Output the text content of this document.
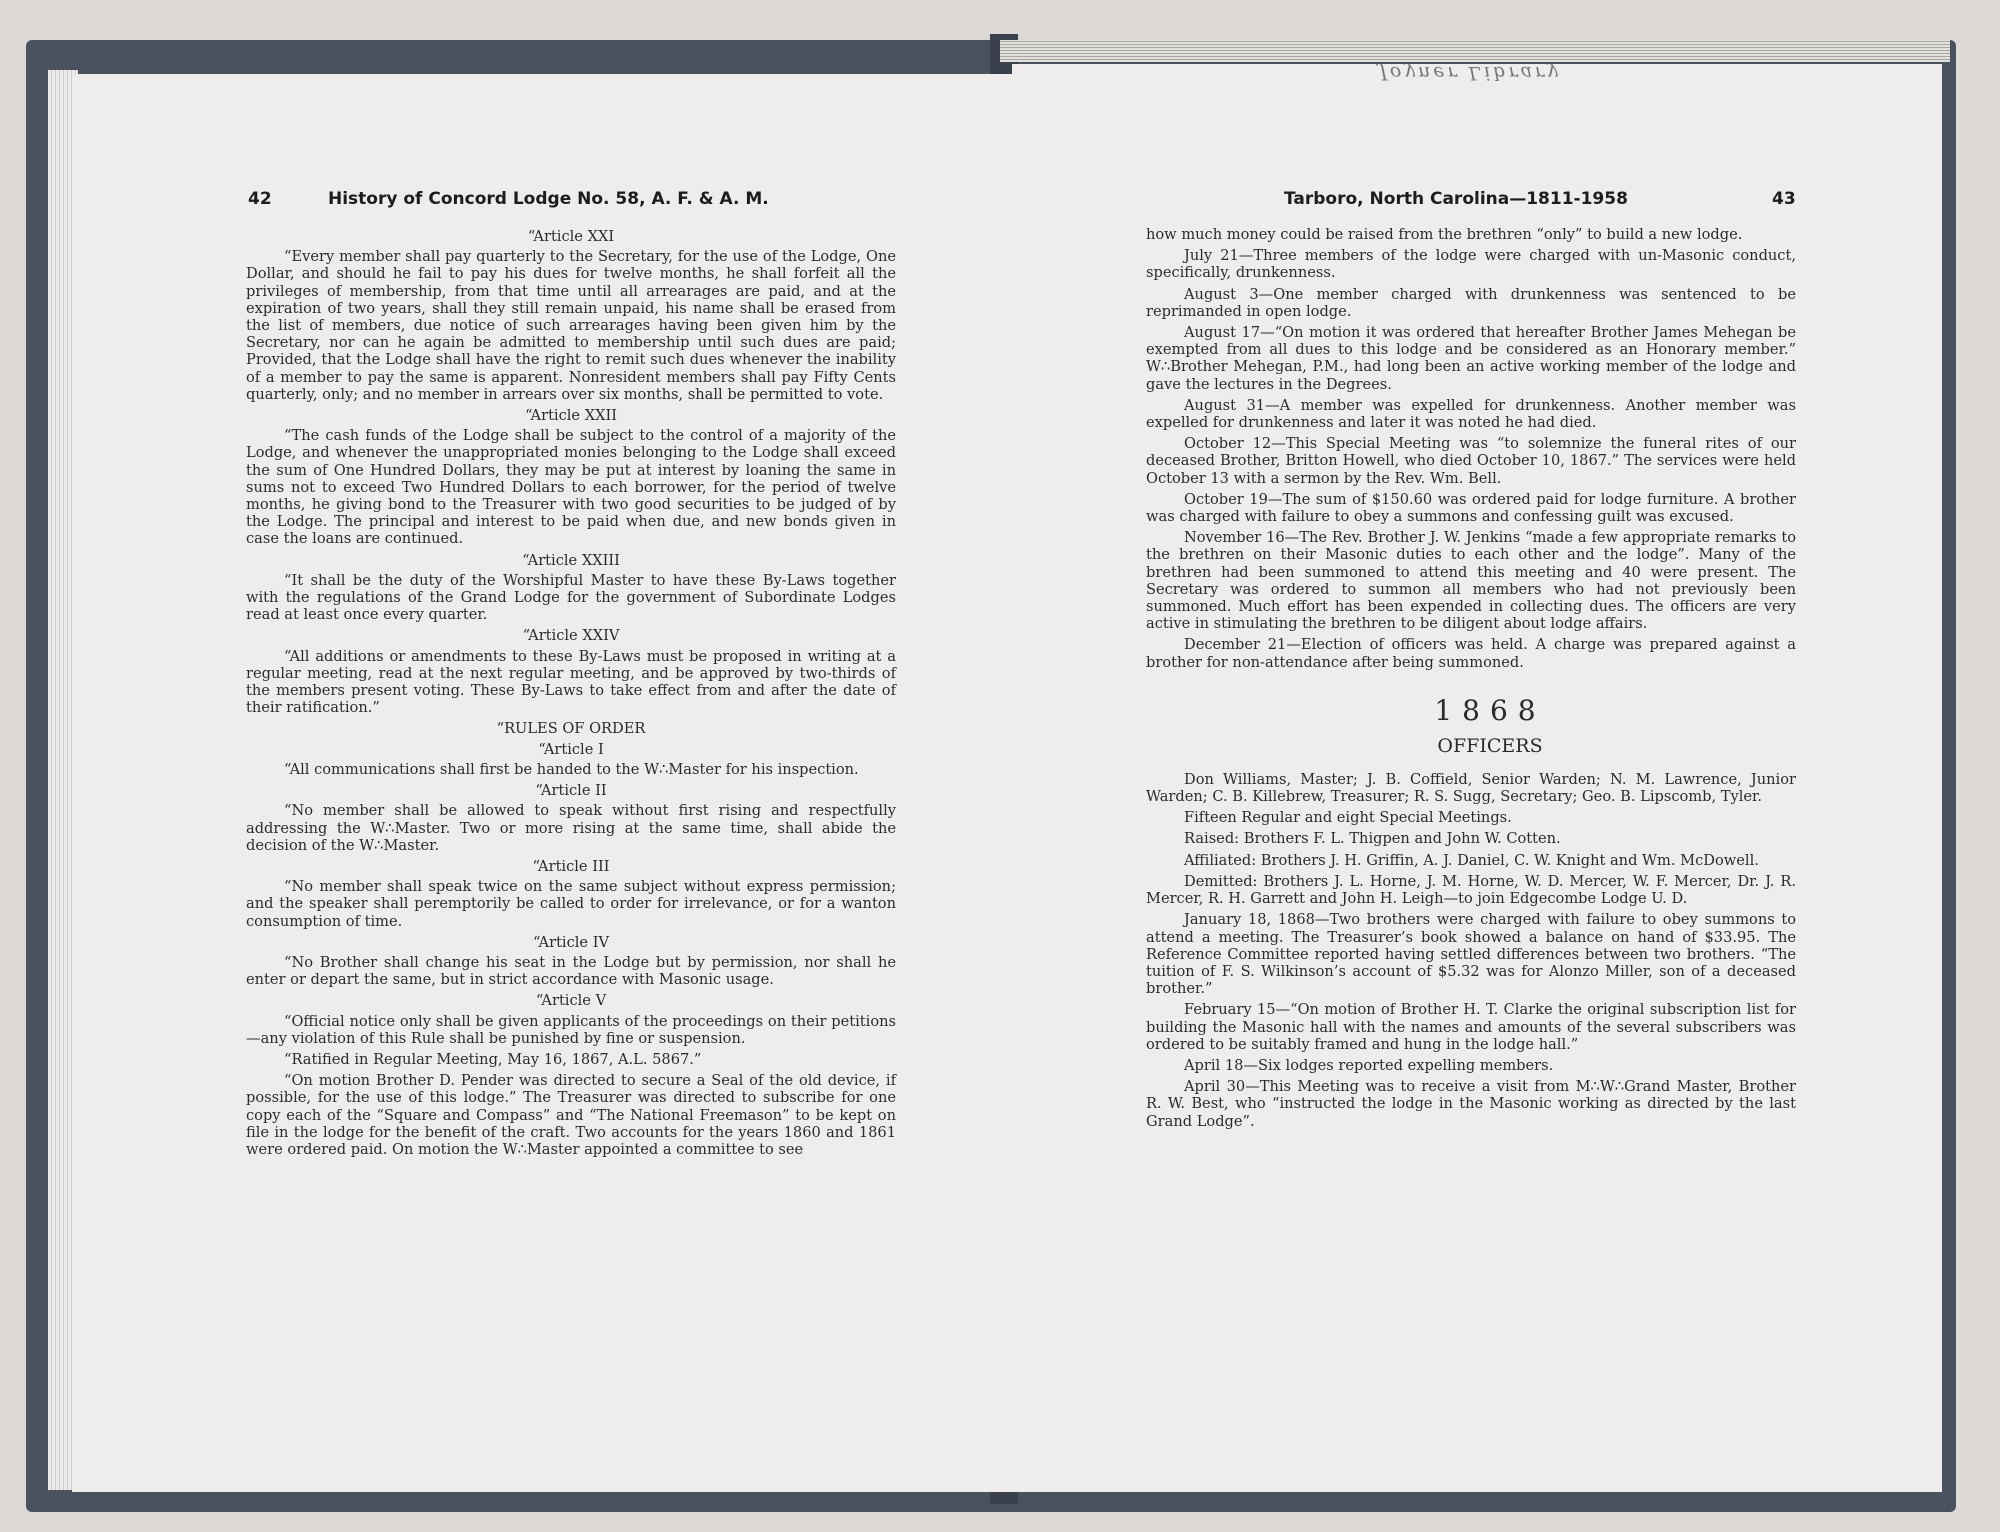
Joyner Library
42	History of Concord Lodge No. 58, A. F. & A. M.	Tarboro, North Carolina—1811-1958	43

“Article XXI

“Every member shall pay quarterly to the Secretary, for the use of the Lodge, One Dollar, and should he fail to pay his dues for twelve months, he shall forfeit all the privileges of membership, from that time until all arrearages are paid, and at the expiration of two years, shall they still remain unpaid, his name shall be erased from the list of members, due notice of such arrearages having been given him by the Secretary, nor can he again be admitted to membership until such dues are paid; Provided, that the Lodge shall have the right to remit such dues whenever the inability of a member to pay the same is apparent. Nonresident members shall pay Fifty Cents quarterly, only; and no member in arrears over six months, shall be permitted to vote.

“Article XXII

“The cash funds of the Lodge shall be subject to the control of a majority of the Lodge, and whenever the unappropriated monies belonging to the Lodge shall exceed the sum of One Hundred Dollars, they may be put at interest by loaning the same in sums not to exceed Two Hundred Dollars to each borrower, for the period of twelve months, he giving bond to the Treasurer with two good securities to be judged of by the Lodge. The principal and interest to be paid when due, and new bonds given in case the loans are continued.

“Article XXIII

“It shall be the duty of the Worshipful Master to have these By-Laws together with the regulations of the Grand Lodge for the government of Subordinate Lodges read at least once every quarter.

“Article XXIV

“All additions or amendments to these By-Laws must be proposed in writing at a regular meeting, read at the next regular meeting, and be approved by two-thirds of the members present voting. These By-Laws to take effect from and after the date of their ratification.”

“RULES OF ORDER

“Article I

“All communications shall first be handed to the W∴Master for his inspection.

“Article II

“No member shall be allowed to speak without first rising and respectfully addressing the W∴Master. Two or more rising at the same time, shall abide the decision of the W∴Master.

“Article III

“No member shall speak twice on the same subject without express permission; and the speaker shall peremptorily be called to order for irrelevance, or for a wanton consumption of time.

“Article IV

“No Brother shall change his seat in the Lodge but by permission, nor shall he enter or depart the same, but in strict accordance with Masonic usage.

“Article V

“Official notice only shall be given applicants of the proceedings on their petitions—any violation of this Rule shall be punished by fine or suspension.

“Ratified in Regular Meeting, May 16, 1867, A.L. 5867.”

“On motion Brother D. Pender was directed to secure a Seal of the old device, if possible, for the use of this lodge.” The Treasurer was directed to subscribe for one copy each of the “Square and Compass” and “The National Freemason” to be kept on file in the lodge for the benefit of the craft. Two accounts for the years 1860 and 1861 were ordered paid. On motion the W∴Master appointed a committee to see

how much money could be raised from the brethren “only” to build a new lodge.

July 21—Three members of the lodge were charged with un-Masonic conduct, specifically, drunkenness.

August 3—One member charged with drunkenness was sentenced to be reprimanded in open lodge.

August 17—“On motion it was ordered that hereafter Brother James Mehegan be exempted from all dues to this lodge and be considered as an Honorary member.” W∴Brother Mehegan, P.M., had long been an active working member of the lodge and gave the lectures in the Degrees.

August 31—A member was expelled for drunkenness. Another member was expelled for drunkenness and later it was noted he had died.

October 12—This Special Meeting was “to solemnize the funeral rites of our deceased Brother, Britton Howell, who died October 10, 1867.” The services were held October 13 with a sermon by the Rev. Wm. Bell.

October 19—The sum of $150.60 was ordered paid for lodge furniture. A brother was charged with failure to obey a summons and confessing guilt was excused.

November 16—The Rev. Brother J. W. Jenkins “made a few appropriate remarks to the brethren on their Masonic duties to each other and the lodge”. Many of the brethren had been summoned to attend this meeting and 40 were present. The Secretary was ordered to summon all members who had not previously been summoned. Much effort has been expended in collecting dues. The officers are very active in stimulating the brethren to be diligent about lodge affairs.

December 21—Election of officers was held. A charge was prepared against a brother for non-attendance after being summoned.

1868

OFFICERS

Don Williams, Master; J. B. Coffield, Senior Warden; N. M. Lawrence, Junior Warden; C. B. Killebrew, Treasurer; R. S. Sugg, Secretary; Geo. B. Lipscomb, Tyler.

Fifteen Regular and eight Special Meetings.

Raised: Brothers F. L. Thigpen and John W. Cotten.

Affiliated: Brothers J. H. Griffin, A. J. Daniel, C. W. Knight and Wm. McDowell.

Demitted: Brothers J. L. Horne, J. M. Horne, W. D. Mercer, W. F. Mercer, Dr. J. R. Mercer, R. H. Garrett and John H. Leigh—to join Edgecombe Lodge U. D.

January 18, 1868—Two brothers were charged with failure to obey summons to attend a meeting. The Treasurer’s book showed a balance on hand of $33.95. The Reference Committee reported having settled differences between two brothers. “The tuition of F. S. Wilkinson’s account of $5.32 was for Alonzo Miller, son of a deceased brother.”

February 15—“On motion of Brother H. T. Clarke the original subscription list for building the Masonic hall with the names and amounts of the several subscribers was ordered to be suitably framed and hung in the lodge hall.”

April 18—Six lodges reported expelling members.

April 30—This Meeting was to receive a visit from M∴W∴Grand Master, Brother R. W. Best, who “instructed the lodge in the Masonic working as directed by the last Grand Lodge”.
